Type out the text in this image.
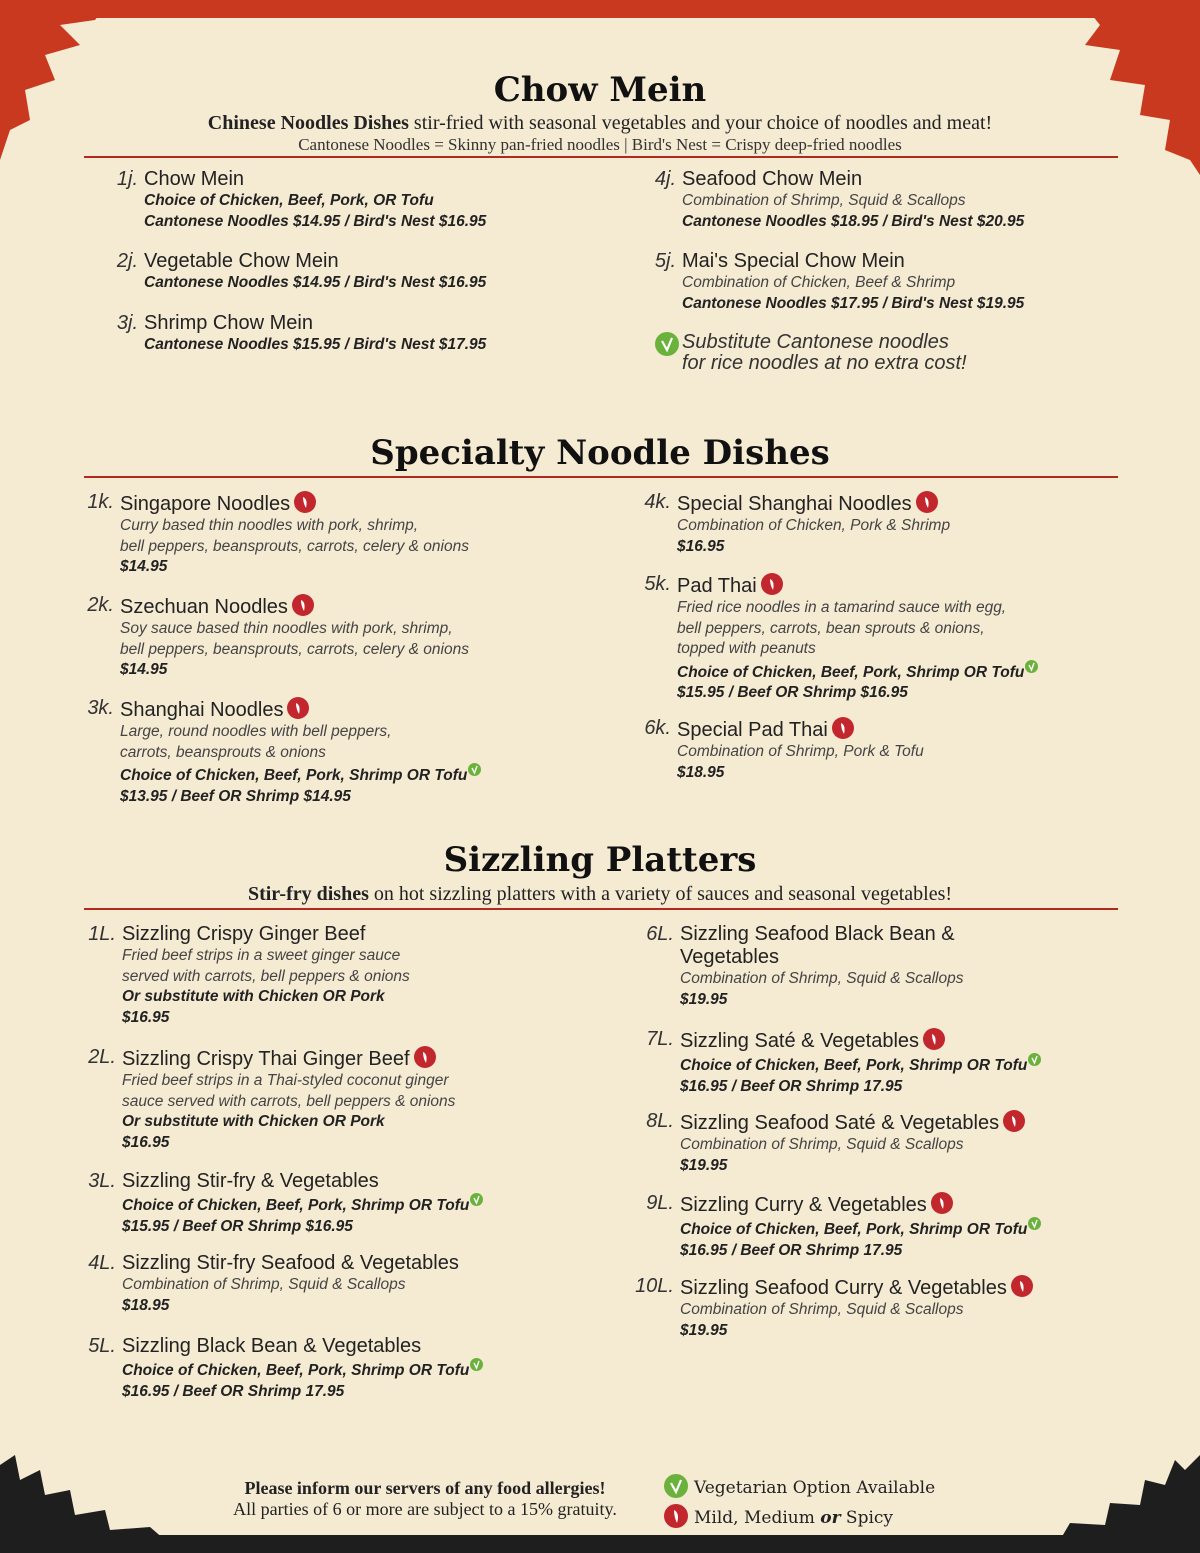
Chow Mein
Chinese Noodles Dishes stir-fried with seasonal vegetables and your choice of noodles and meat!
Cantonese Noodles = Skinny pan-fried noodles | Bird's Nest = Crispy deep-fried noodles
1j. Chow Mein
Choice of Chicken, Beef, Pork, OR Tofu
Cantonese Noodles $14.95 / Bird's Nest $16.95
2j. Vegetable Chow Mein
Cantonese Noodles $14.95 / Bird's Nest $16.95
3j. Shrimp Chow Mein
Cantonese Noodles $15.95 / Bird's Nest $17.95
4j. Seafood Chow Mein
Combination of Shrimp, Squid & Scallops
Cantonese Noodles $18.95 / Bird's Nest $20.95
5j. Mai's Special Chow Mein
Combination of Chicken, Beef & Shrimp
Cantonese Noodles $17.95 / Bird's Nest $19.95
Substitute Cantonese noodles
for rice noodles at no extra cost!
Specialty Noodle Dishes
1k. Singapore Noodles
Curry based thin noodles with pork, shrimp,
bell peppers, beansprouts, carrots, celery & onions
$14.95
2k. Szechuan Noodles
Soy sauce based thin noodles with pork, shrimp,
bell peppers, beansprouts, carrots, celery & onions
$14.95
3k. Shanghai Noodles
Large, round noodles with bell peppers,
carrots, beansprouts & onions
Choice of Chicken, Beef, Pork, Shrimp OR Tofu
$13.95 / Beef OR Shrimp $14.95
4k. Special Shanghai Noodles
Combination of Chicken, Pork & Shrimp
$16.95
5k. Pad Thai
Fried rice noodles in a tamarind sauce with egg,
bell peppers, carrots, bean sprouts & onions,
topped with peanuts
Choice of Chicken, Beef, Pork, Shrimp OR Tofu
$15.95 / Beef OR Shrimp $16.95
6k. Special Pad Thai
Combination of Shrimp, Pork & Tofu
$18.95
Sizzling Platters
Stir-fry dishes on hot sizzling platters with a variety of sauces and seasonal vegetables!
1L. Sizzling Crispy Ginger Beef
Fried beef strips in a sweet ginger sauce
served with carrots, bell peppers & onions
Or substitute with Chicken OR Pork
$16.95
2L. Sizzling Crispy Thai Ginger Beef
Fried beef strips in a Thai-styled coconut ginger
sauce served with carrots, bell peppers & onions
Or substitute with Chicken OR Pork
$16.95
3L. Sizzling Stir-fry & Vegetables
Choice of Chicken, Beef, Pork, Shrimp OR Tofu
$15.95 / Beef OR Shrimp $16.95
4L. Sizzling Stir-fry Seafood & Vegetables
Combination of Shrimp, Squid & Scallops
$18.95
5L. Sizzling Black Bean & Vegetables
Choice of Chicken, Beef, Pork, Shrimp OR Tofu
$16.95 / Beef OR Shrimp 17.95
6L. Sizzling Seafood Black Bean &
Vegetables
Combination of Shrimp, Squid & Scallops
$19.95
7L. Sizzling Saté & Vegetables
Choice of Chicken, Beef, Pork, Shrimp OR Tofu
$16.95 / Beef OR Shrimp 17.95
8L. Sizzling Seafood Saté & Vegetables
Combination of Shrimp, Squid & Scallops
$19.95
9L. Sizzling Curry & Vegetables
Choice of Chicken, Beef, Pork, Shrimp OR Tofu
$16.95 / Beef OR Shrimp 17.95
10L. Sizzling Seafood Curry & Vegetables
Combination of Shrimp, Squid & Scallops
$19.95
Please inform our servers of any food allergies!
All parties of 6 or more are subject to a 15% gratuity.
Vegetarian Option Available
Mild, Medium or Spicy
